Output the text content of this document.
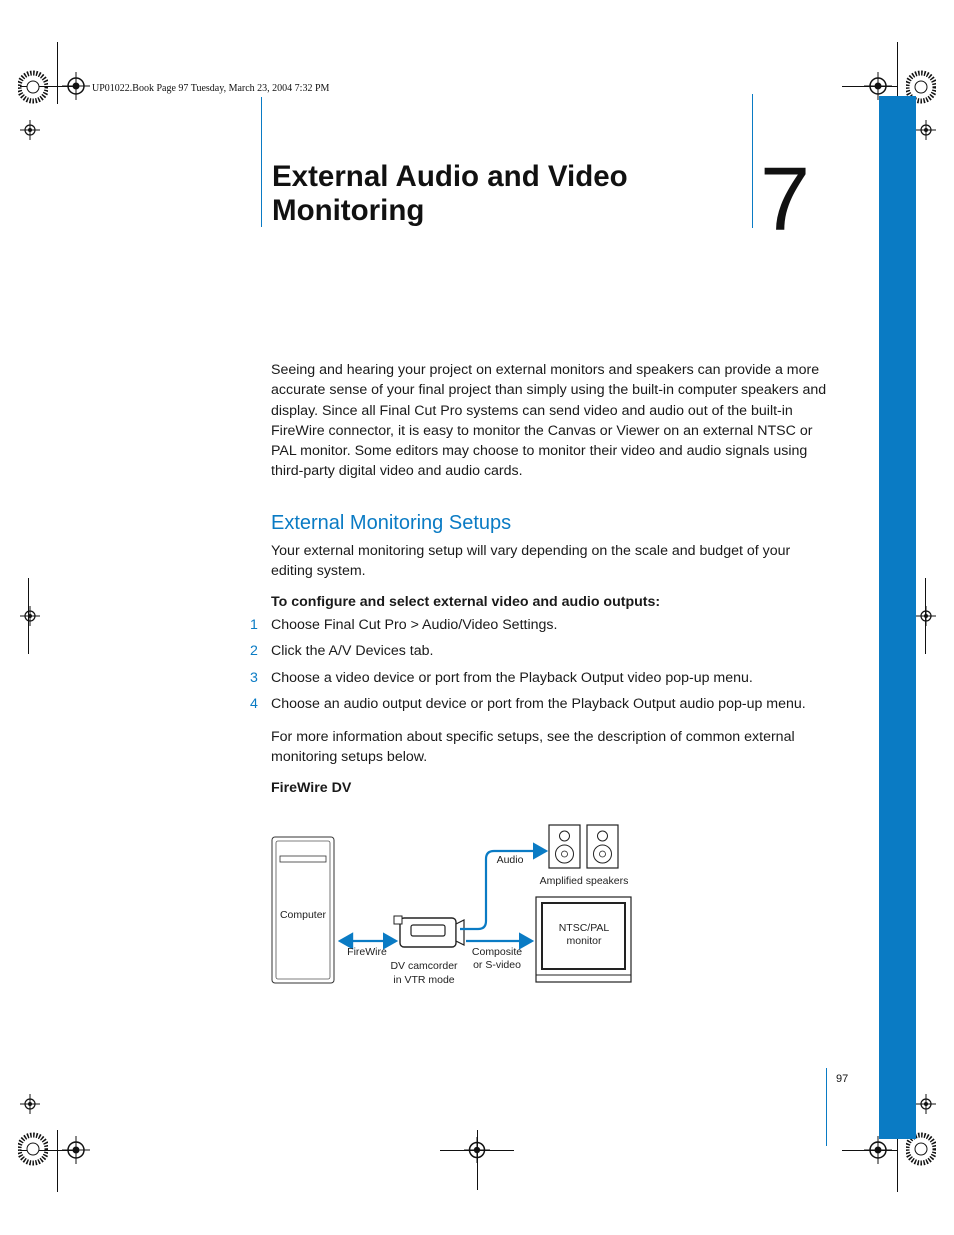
UP01022.Book Page 97 Tuesday, March 23, 2004 7:32 PM
External Audio and Video
Monitoring	7

Seeing and hearing your project on external monitors and speakers can provide a more accurate sense of your final project than simply using the built-in computer speakers and display. Since all Final Cut Pro systems can send video and audio out of the built-in FireWire connector, it is easy to monitor the Canvas or Viewer on an external NTSC or PAL monitor. Some editors may choose to monitor their video and audio signals using third-party digital video and audio cards.

External Monitoring Setups

Your external monitoring setup will vary depending on the scale and budget of your editing system.

To configure and select external video and audio outputs:

1 Choose Final Cut Pro > Audio/Video Settings.
2 Click the A/V Devices tab.
3 Choose a video device or port from the Playback Output video pop-up menu.
4 Choose an audio output device or port from the Playback Output audio pop-up menu.

For more information about specific setups, see the description of common external monitoring setups below.

FireWire DV

Computer
FireWire
DV camcorder
in VTR mode
Composite
or S-video
Audio
Amplified speakers
NTSC/PAL
monitor
97
